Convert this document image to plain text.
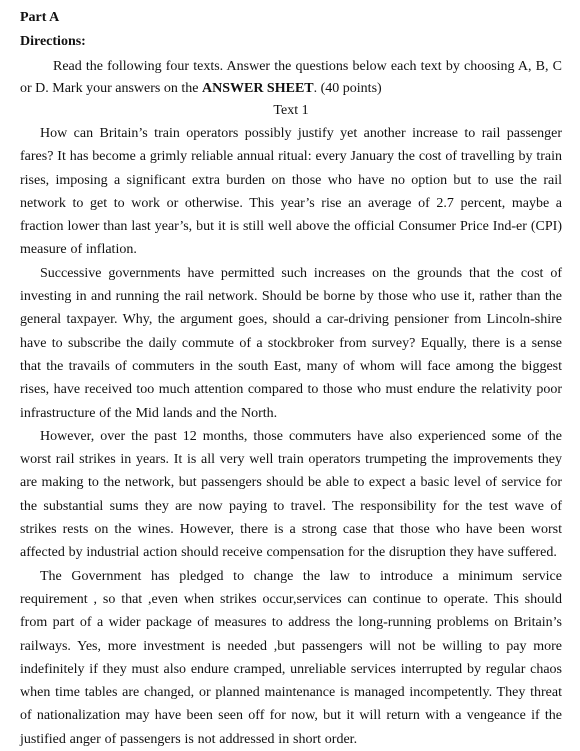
Part A

Directions:

Read the following four texts. Answer the questions below each text by choosing A, B, C or D. Mark your answers on the ANSWER SHEET. (40 points)

Text 1

How can Britain’s train operators possibly justify yet another increase to rail passenger fares? It has become a grimly reliable annual ritual: every January the cost of travelling by train rises, imposing a significant extra burden on those who have no option but to use the rail network to get to work or otherwise. This year’s rise an average of 2.7 percent, maybe a fraction lower than last year’s, but it is still well above the official Consumer Price Ind-er (CPI) measure of inflation.

Successive governments have permitted such increases on the grounds that the cost of investing in and running the rail network. Should be borne by those who use it, rather than the general taxpayer. Why, the argument goes, should a car-driving pensioner from Lincoln-shire have to subscribe the daily commute of a stockbroker from survey? Equally, there is a sense that the travails of commuters in the south East, many of whom will face among the biggest rises, have received too much attention compared to those who must endure the relativity poor infrastructure of the Mid lands and the North.

However, over the past 12 months, those commuters have also experienced some of the worst rail strikes in years. It is all very well train operators trumpeting the improvements they are making to the network, but passengers should be able to expect a basic level of service for the substantial sums they are now paying to travel. The responsibility for the test wave of strikes rests on the wines. However, there is a strong case that those who have been worst affected by industrial action should receive compensation for the disruption they have suffered.

The Government has pledged to change the law to introduce a minimum service requirement , so that ,even when strikes occur,services can continue to operate. This should from part of a wider package of measures to address the long-running problems on Britain’s railways. Yes, more investment is needed ,but passengers will not be willing to pay more indefinitely if they must also endure cramped, unreliable services interrupted by regular chaos when time tables are changed, or planned maintenance is managed incompetently. They threat of nationalization may have been seen off for now, but it will return with a vengeance if the justified anger of passengers is not addressed in short order.
